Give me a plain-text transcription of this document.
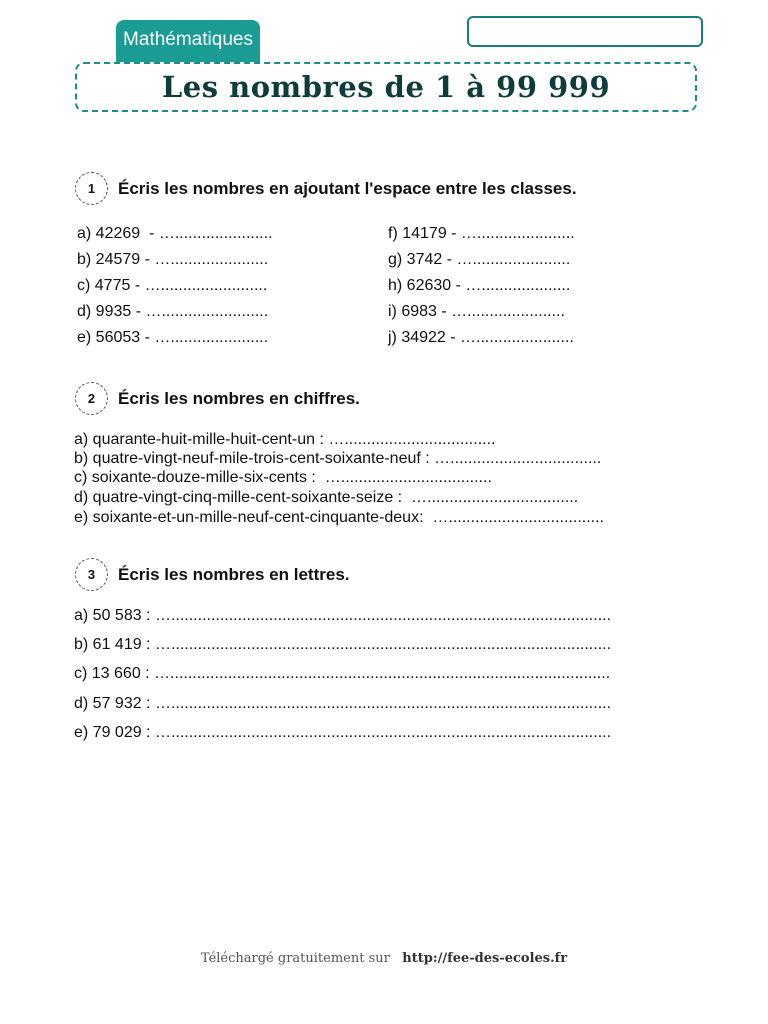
Mathématiques
Les nombres de 1 à 99 999
1	Écris les nombres en ajoutant l'espace entre les classes.
a) 42269  - …......................
b) 24579 - …......................
c) 4775 - …........................
d) 9935 - …........................
e) 56053 - …......................
f) 14179 - …......................
g) 3742 - …......................
h) 62630 - …....................
i) 6983 - …......................
j) 34922 - …......................
2	Écris les nombres en chiffres.
a) quarante-huit-mille-huit-cent-un : …..................................
b) quatre-vingt-neuf-mile-trois-cent-soixante-neuf : …..................................
c) soixante-douze-mille-six-cents :  …..................................
d) quatre-vingt-cinq-mille-cent-soixante-seize :  …..................................
e) soixante-et-un-mille-neuf-cent-cinquante-deux:  …...................................
3	Écris les nombres en lettres.
a) 50 583 : …...................................................................................................
b) 61 419 : …...................................................................................................
c) 13 660 : …...................................................................................................
d) 57 932 : …...................................................................................................
e) 79 029 : …...................................................................................................
Téléchargé gratuitement sur http://fee-des-ecoles.fr
